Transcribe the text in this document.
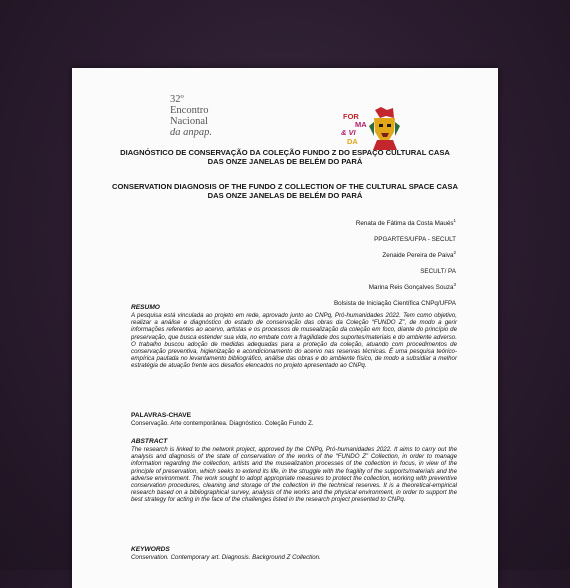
32º
Encontro
Nacional
da anpap.
FOR
MA
& VI
DA
DIAGNÓSTICO DE CONSERVAÇÃO DA COLEÇÃO FUNDO Z DO ESPAÇO CULTURAL CASA DAS ONZE JANELAS DE BELÉM DO PARÁ
CONSERVATION DIAGNOSIS OF THE FUNDO Z COLLECTION OF THE CULTURAL SPACE CASA DAS ONZE JANELAS DE BELÉM DO PARÁ
Renata de Fátima da Costa Maués$^1$
PPGARTES/UFPA - SECULT
Zenaide Pereira de Paiva$^2$
SECULT/ PA
Marina Reis Gonçalves Souza$^3$
Bolsista de Iniciação Científica CNPq/UFPA
RESUMO
A pesquisa está vinculada ao projeto em rede, aprovado junto ao CNPq, Pró-humanidades 2022. Tem como objetivo, realizar a análise e diagnóstico do estado de conservação das obras da Coleção “FUNDO Z”, de modo a gerir informações referentes ao acervo, artistas e os processos de musealização da coleção em foco, diante do princípio de preservação, que busca estender sua vida, no embate com a fragilidade dos suportes/materiais e do ambiente adverso. O trabalho buscou adoção de medidas adequadas para a proteção da coleção, atuando com procedimentos de conservação preventiva, higienização e acondicionamento do acervo nas reservas técnicas. É uma pesquisa teórico-empírica pautada no levantamento bibliográfico, análise das obras e do ambiente físico, de modo a subsidiar a melhor estratégia de atuação frente aos desafios elencados no projeto apresentado ao CNPq.
PALAVRAS-CHAVE
Conservação. Arte contemporânea. Diagnóstico. Coleção Fundo Z.
ABSTRACT
The research is linked to the network project, approved by the CNPq, Pró-humanidades 2022. It aims to carry out the analysis and diagnosis of the state of conservation of the works of the “FUNDO Z” Collection, in order to manage information regarding the collection, artists and the musealization processes of the collection in focus, in view of the principle of preservation, which seeks to extend its life, in the struggle with the fragility of the supports/materials and the adverse environment. The work sought to adopt appropriate measures to protect the collection, working with preventive conservation procedures, cleaning and storage of the collection in the technical reserves. It is a theoretical-empirical research based on a bibliographical survey, analysis of the works and the physical environment, in order to support the best strategy for acting in the face of the challenges listed in the research project presented to CNPq.
KEYWORDS
Conservation. Contemporary art. Diagnosis. Background Z Collection.
